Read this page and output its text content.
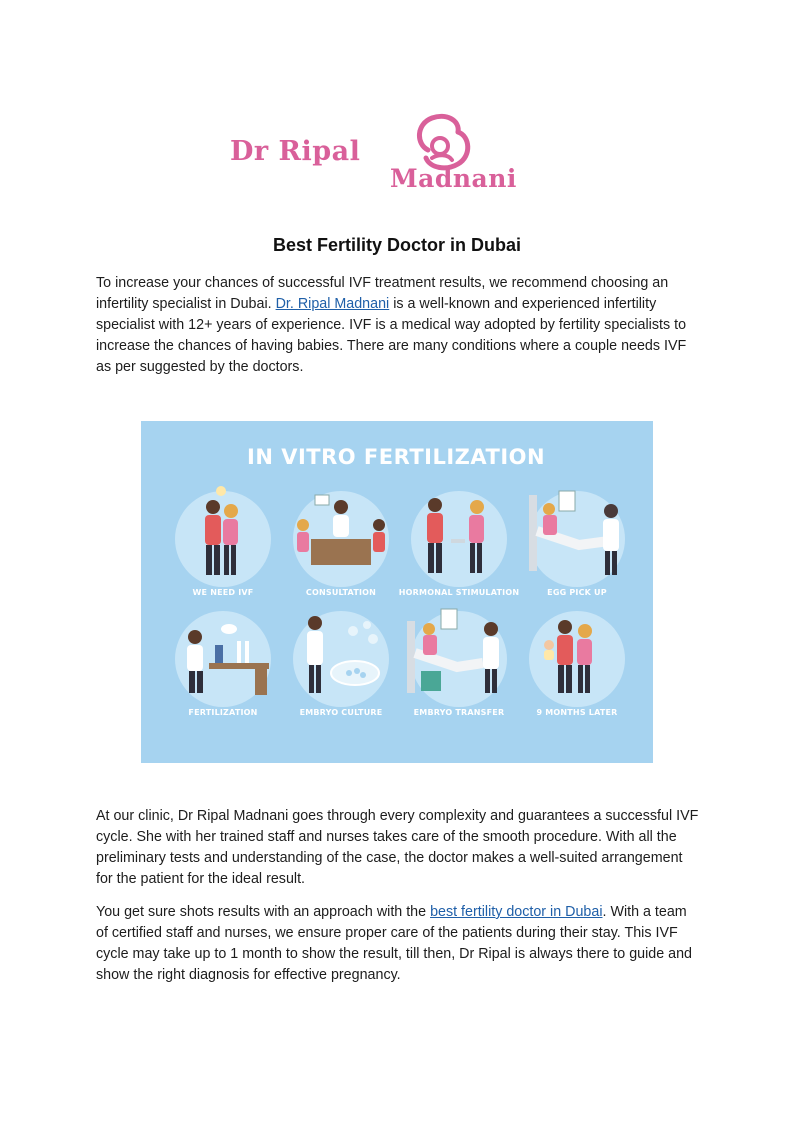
Dr Ripal
Madnani
Best Fertility Doctor in Dubai
To increase your chances of successful IVF treatment results, we recommend choosing an infertility specialist in Dubai. Dr. Ripal Madnani is a well-known and experienced infertility specialist with 12+ years of experience. IVF is a medical way adopted by fertility specialists to increase the chances of having babies. There are many conditions where a couple needs IVF as per suggested by the doctors.
IN VITRO FERTILIZATION
WE NEED IVF	CONSULTATION	HORMONAL STIMULATION	EGG PICK UP
FERTILIZATION	EMBRYO CULTURE	EMBRYO TRANSFER	9 MONTHS LATER
At our clinic, Dr Ripal Madnani goes through every complexity and guarantees a successful IVF cycle. She with her trained staff and nurses takes care of the smooth procedure. With all the preliminary tests and understanding of the case, the doctor makes a well-suited arrangement for the patient for the ideal result.
You get sure shots results with an approach with the best fertility doctor in Dubai. With a team of certified staff and nurses, we ensure proper care of the patients during their stay. This IVF cycle may take up to 1 month to show the result, till then, Dr Ripal is always there to guide and show the right diagnosis for effective pregnancy.
